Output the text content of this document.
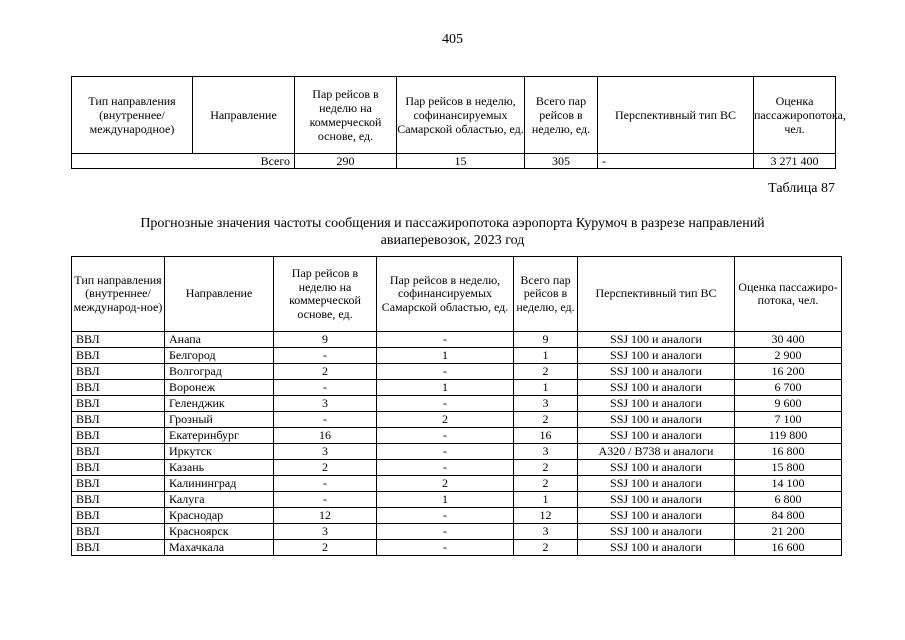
405
Тип направления (внутреннее/ международное)	Направление	Пар рейсов в неделю на коммерческой основе, ед.	Пар рейсов в неделю, софинансируемых Самарской областью, ед.	Всего пар рейсов в неделю, ед.	Перспективный тип ВС	Оценка пассажиропотока, чел.
Всего		290	15	305	-	3 271 400
Таблица 87
Прогнозные значения частоты сообщения и пассажиропотока аэропорта Курумоч в разрезе направлений
авиаперевозок, 2023 год
Тип направления (внутреннее/ международ-ное)	Направление	Пар рейсов в неделю на коммерческой основе, ед.	Пар рейсов в неделю, софинансируемых Самарской областью, ед.	Всего пар рейсов в неделю, ед.	Перспективный тип ВС	Оценка пассажиро-потока, чел.
ВВЛ	Анапа	9	-	9	SSJ 100 и аналоги	30 400
ВВЛ	Белгород	-	1	1	SSJ 100 и аналоги	2 900
ВВЛ	Волгоград	2	-	2	SSJ 100 и аналоги	16 200
ВВЛ	Воронеж	-	1	1	SSJ 100 и аналоги	6 700
ВВЛ	Геленджик	3	-	3	SSJ 100 и аналоги	9 600
ВВЛ	Грозный	-	2	2	SSJ 100 и аналоги	7 100
ВВЛ	Екатеринбург	16	-	16	SSJ 100 и аналоги	119 800
ВВЛ	Иркутск	3	-	3	A320 / B738 и аналоги	16 800
ВВЛ	Казань	2	-	2	SSJ 100 и аналоги	15 800
ВВЛ	Калининград	-	2	2	SSJ 100 и аналоги	14 100
ВВЛ	Калуга	-	1	1	SSJ 100 и аналоги	6 800
ВВЛ	Краснодар	12	-	12	SSJ 100 и аналоги	84 800
ВВЛ	Красноярск	3	-	3	SSJ 100 и аналоги	21 200
ВВЛ	Махачкала	2	-	2	SSJ 100 и аналоги	16 600
